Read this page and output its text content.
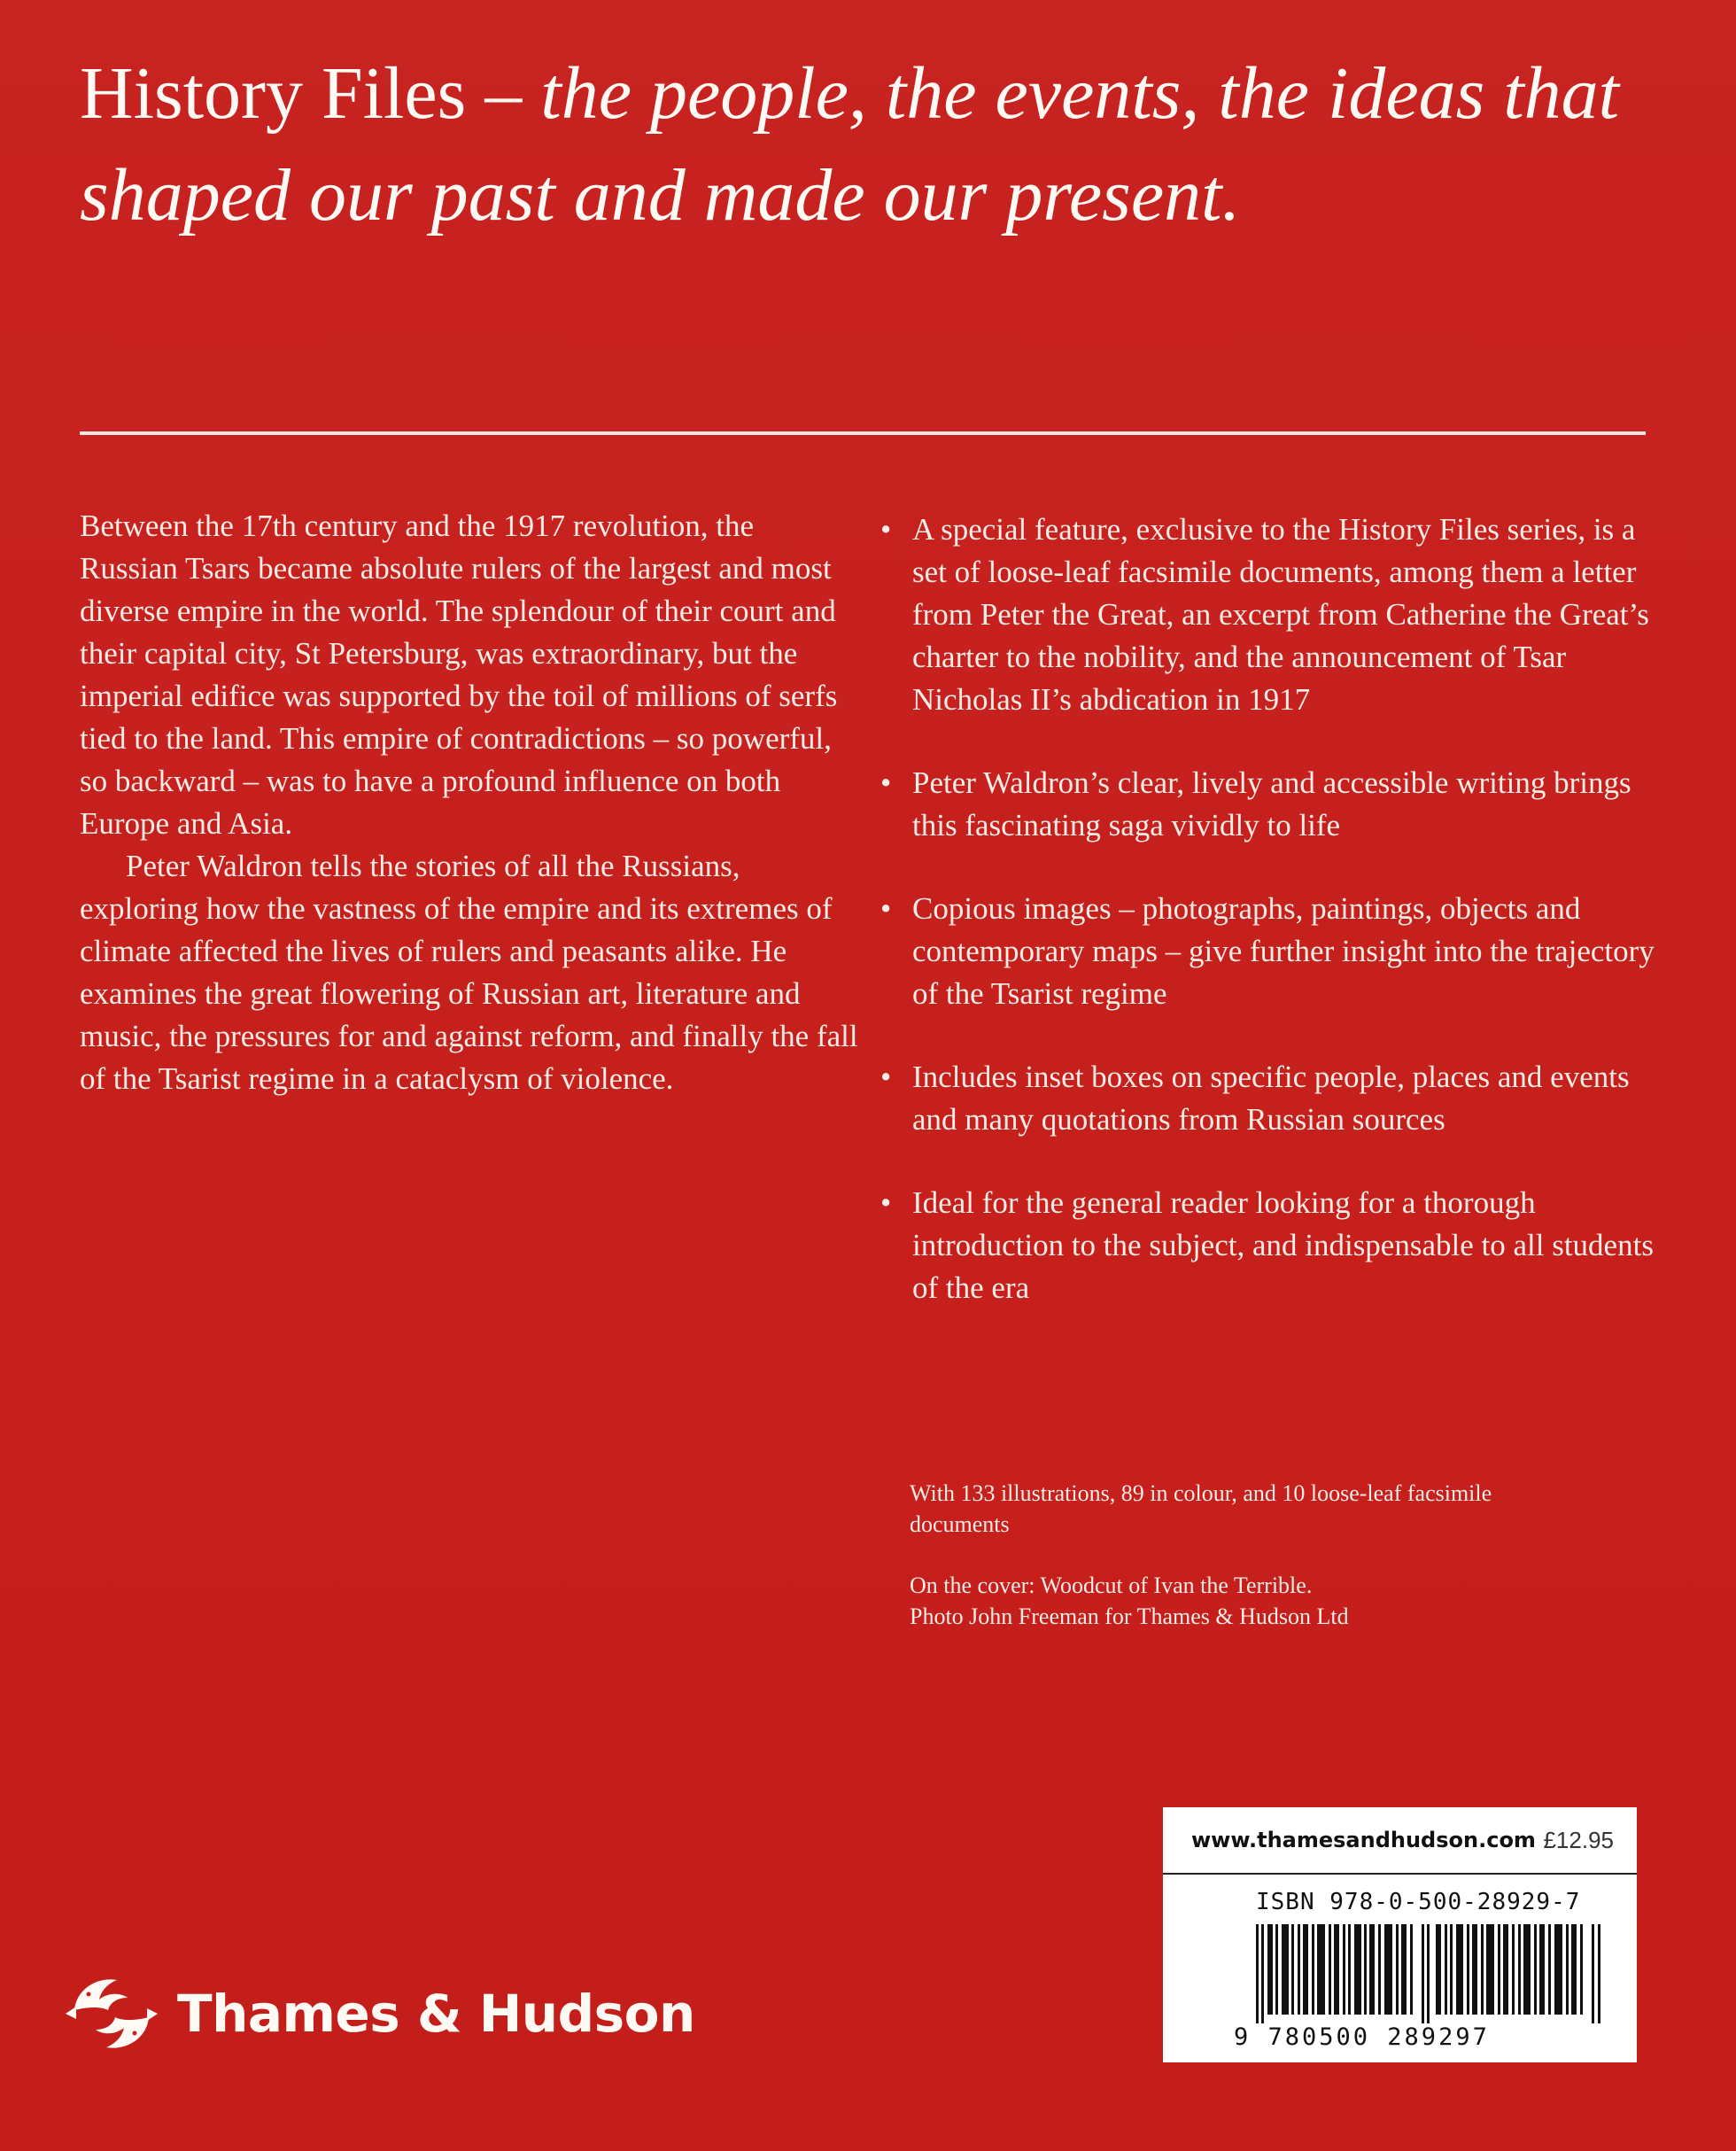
History Files – the people, the events, the ideas that shaped our past and made our present.

Between the 17th century and the 1917 revolution, the Russian Tsars became absolute rulers of the largest and most diverse empire in the world. The splendour of their court and their capital city, St Petersburg, was extraordinary, but the imperial edifice was supported by the toil of millions of serfs tied to the land. This empire of contradictions – so powerful, so backward – was to have a profound influence on both Europe and Asia.

Peter Waldron tells the stories of all the Russians, exploring how the vastness of the empire and its extremes of climate affected the lives of rulers and peasants alike. He examines the great flowering of Russian art, literature and music, the pressures for and against reform, and finally the fall of the Tsarist regime in a cataclysm of violence.

• A special feature, exclusive to the History Files series, is a set of loose-leaf facsimile documents, among them a letter from Peter the Great, an excerpt from Catherine the Great’s charter to the nobility, and the announcement of Tsar Nicholas II’s abdication in 1917
• Peter Waldron’s clear, lively and accessible writing brings this fascinating saga vividly to life
• Copious images – photographs, paintings, objects and contemporary maps – give further insight into the trajectory of the Tsarist regime
• Includes inset boxes on specific people, places and events and many quotations from Russian sources
• Ideal for the general reader looking for a thorough introduction to the subject, and indispensable to all students of the era

With 133 illustrations, 89 in colour, and 10 loose-leaf facsimile documents

On the cover: Woodcut of Ivan the Terrible.
Photo John Freeman for Thames & Hudson Ltd

Thames & Hudson
www.thamesandhudson.com £12.95
ISBN 978-0-500-28929-7
9 780500 289297
